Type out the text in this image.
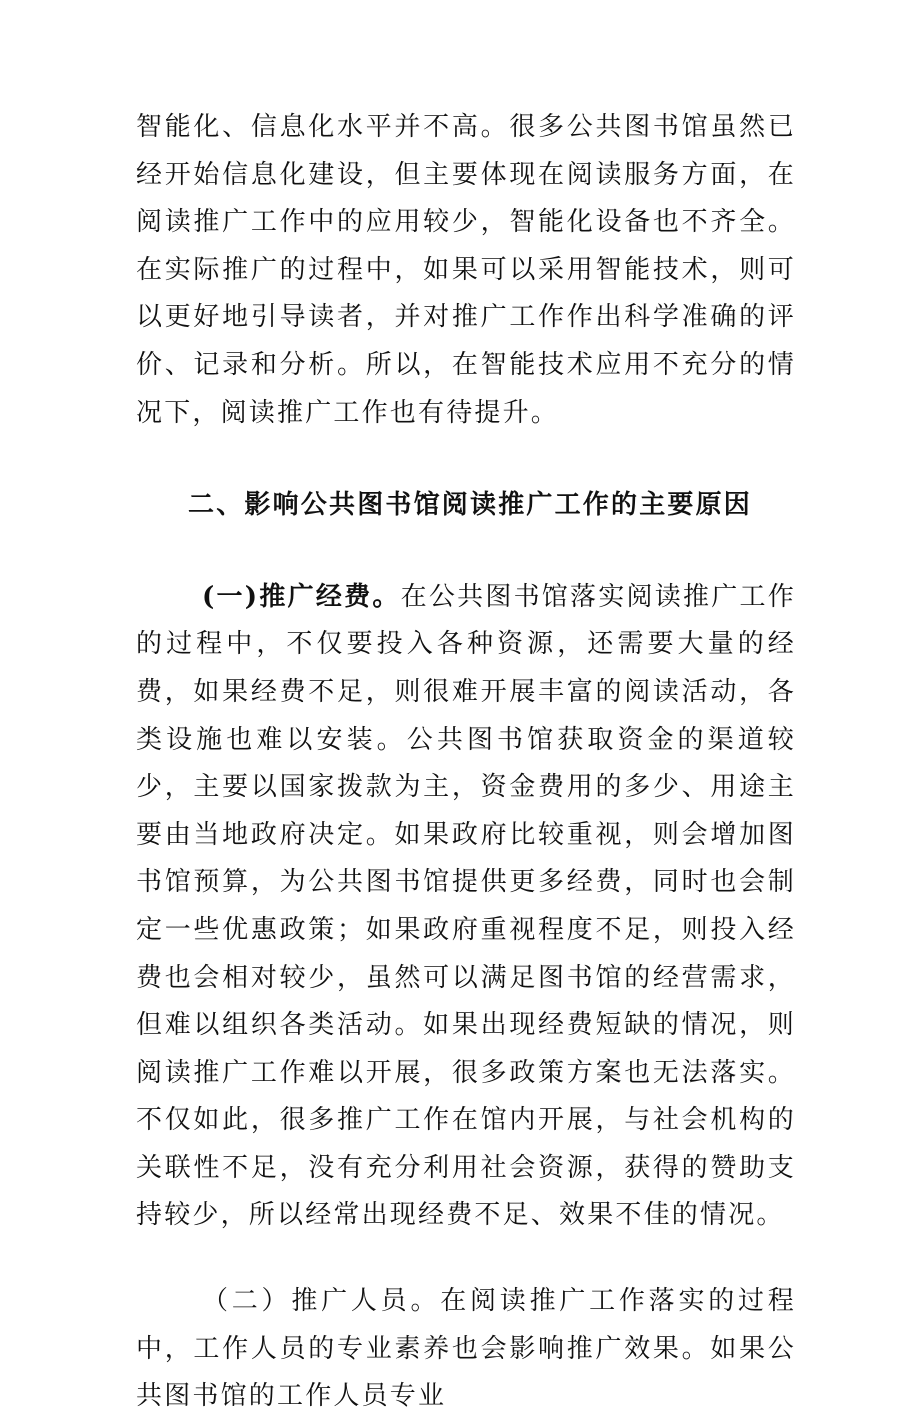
智能化、信息化水平并不高。很多公共图书馆虽然已经开始信息化建设，但主要体现在阅读服务方面，在阅读推广工作中的应用较少，智能化设备也不齐全。在实际推广的过程中，如果可以采用智能技术，则可以更好地引导读者，并对推广工作作出科学准确的评价、记录和分析。所以，在智能技术应用不充分的情况下，阅读推广工作也有待提升。

二、影响公共图书馆阅读推广工作的主要原因

(一)推广经费。在公共图书馆落实阅读推广工作的过程中，不仅要投入各种资源，还需要大量的经费，如果经费不足，则很难开展丰富的阅读活动，各类设施也难以安装。公共图书馆获取资金的渠道较少，主要以国家拨款为主，资金费用的多少、用途主要由当地政府决定。如果政府比较重视，则会增加图书馆预算，为公共图书馆提供更多经费，同时也会制定一些优惠政策；如果政府重视程度不足，则投入经费也会相对较少，虽然可以满足图书馆的经营需求，但难以组织各类活动。如果出现经费短缺的情况，则阅读推广工作难以开展，很多政策方案也无法落实。不仅如此，很多推广工作在馆内开展，与社会机构的关联性不足，没有充分利用社会资源，获得的赞助支持较少，所以经常出现经费不足、效果不佳的情况。

（二）推广人员。在阅读推广工作落实的过程中，工作人员的专业素养也会影响推广效果。如果公共图书馆的工作人员专业
